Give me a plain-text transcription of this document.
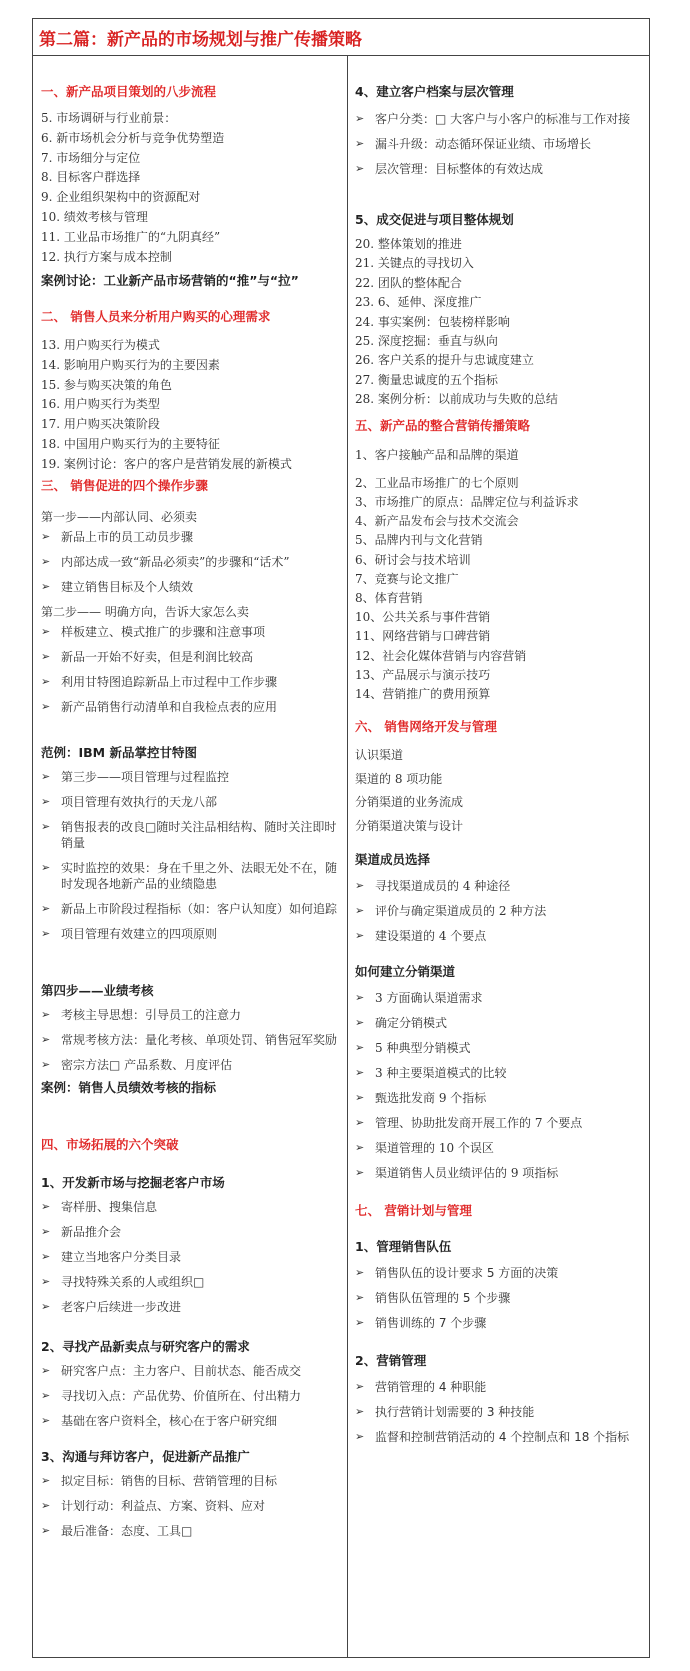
第二篇：新产品的市场规划与推广传播策略
一、新产品项目策划的八步流程
5. 市场调研与行业前景：
6. 新市场机会分析与竞争优势塑造
7. 市场细分与定位
8. 目标客户群选择
9. 企业组织架构中的资源配对
10. 绩效考核与管理
11. 工业品市场推广的“九阴真经”
12. 执行方案与成本控制
案例讨论：工业新产品市场营销的“推”与“拉”
二、 销售人员来分析用户购买的心理需求
13. 用户购买行为模式
14. 影响用户购买行为的主要因素
15. 参与购买决策的角色
16. 用户购买行为类型
17. 用户购买决策阶段
18. 中国用户购买行为的主要特征
19. 案例讨论：客户的客户是营销发展的新模式
三、 销售促进的四个操作步骤
第一步——内部认同、必须卖
➢ 新品上市的员工动员步骤
➢ 内部达成一致“新品必须卖”的步骤和“话术”
➢ 建立销售目标及个人绩效
第二步—— 明确方向，告诉大家怎么卖
➢ 样板建立、模式推广的步骤和注意事项
➢ 新品一开始不好卖，但是利润比较高
➢ 利用甘特图追踪新品上市过程中工作步骤
➢ 新产品销售行动清单和自我检点表的应用
范例：IBM 新品掌控甘特图
➢ 第三步——项目管理与过程监控
➢ 项目管理有效执行的天龙八部
➢ 销售报表的改良□随时关注品相结构、随时关注即时销量
➢ 实时监控的效果：身在千里之外、法眼无处不在，随时发现各地新产品的业绩隐患
➢ 新品上市阶段过程指标（如：客户认知度）如何追踪
➢ 项目管理有效建立的四项原则
第四步——业绩考核
➢ 考核主导思想：引导员工的注意力
➢ 常规考核方法：量化考核、单项处罚、销售冠军奖励
➢ 密宗方法□ 产品系数、月度评估
案例：销售人员绩效考核的指标
四、市场拓展的六个突破
1、开发新市场与挖掘老客户市场
➢ 寄样册、搜集信息
➢ 新品推介会
➢ 建立当地客户分类目录
➢ 寻找特殊关系的人或组织□
➢ 老客户后续进一步改进
2、寻找产品新卖点与研究客户的需求
➢ 研究客户点：主力客户、目前状态、能否成交
➢ 寻找切入点：产品优势、价值所在、付出精力
➢ 基础在客户资料全，核心在于客户研究细
3、沟通与拜访客户，促进新产品推广
➢ 拟定目标：销售的目标、营销管理的目标
➢ 计划行动：利益点、方案、资料、应对
➢ 最后准备：态度、工具□
4、建立客户档案与层次管理
➢ 客户分类：□ 大客户与小客户的标准与工作对接
➢ 漏斗升级：动态循环保证业绩、市场增长
➢ 层次管理：目标整体的有效达成
5、成交促进与项目整体规划
20. 整体策划的推进
21. 关键点的寻找切入
22. 团队的整体配合
23. 6、延伸、深度推广
24. 事实案例：包装榜样影响
25. 深度挖掘：垂直与纵向
26. 客户关系的提升与忠诚度建立
27. 衡量忠诚度的五个指标
28. 案例分析：以前成功与失败的总结
五、新产品的整合营销传播策略
1、客户接触产品和品牌的渠道
2、工业品市场推广的七个原则
3、市场推广的原点：品牌定位与利益诉求
4、新产品发布会与技术交流会
5、品牌内刊与文化营销
6、研讨会与技术培训
7、竞赛与论文推广
8、体育营销
10、公共关系与事件营销
11、网络营销与口碑营销
12、社会化媒体营销与内容营销
13、产品展示与演示技巧
14、营销推广的费用预算
六、 销售网络开发与管理
认识渠道
渠道的 8 项功能
分销渠道的业务流成
分销渠道决策与设计
渠道成员选择
➢ 寻找渠道成员的 4 种途径
➢ 评价与确定渠道成员的 2 种方法
➢ 建设渠道的 4 个要点
如何建立分销渠道
➢ 3 方面确认渠道需求
➢ 确定分销模式
➢ 5 种典型分销模式
➢ 3 种主要渠道模式的比较
➢ 甄选批发商 9 个指标
➢ 管理、协助批发商开展工作的 7 个要点
➢ 渠道管理的 10 个误区
➢ 渠道销售人员业绩评估的 9 项指标
七、 营销计划与管理
1、管理销售队伍
➢ 销售队伍的设计要求 5 方面的决策
➢ 销售队伍管理的 5 个步骤
➢ 销售训练的 7 个步骤
2、营销管理
➢ 营销管理的 4 种职能
➢ 执行营销计划需要的 3 种技能
➢ 监督和控制营销活动的 4 个控制点和 18 个指标
